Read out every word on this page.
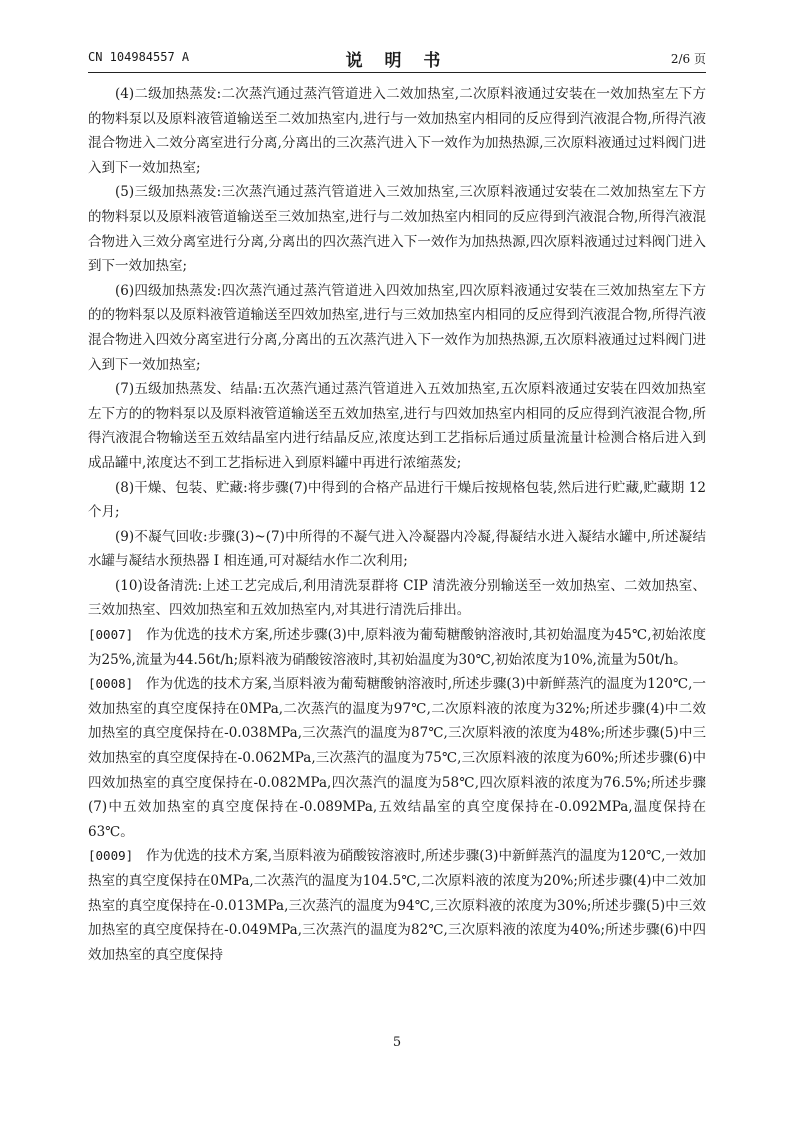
CN 104984557 A	说 明 书	2/6 页

(4)二级加热蒸发:二次蒸汽通过蒸汽管道进入二效加热室,二次原料液通过安装在一效加热室左下方的物料泵以及原料液管道输送至二效加热室内,进行与一效加热室内相同的反应得到汽液混合物,所得汽液混合物进入二效分离室进行分离,分离出的三次蒸汽进入下一效作为加热热源,三次原料液通过过料阀门进入到下一效加热室;

(5)三级加热蒸发:三次蒸汽通过蒸汽管道进入三效加热室,三次原料液通过安装在二效加热室左下方的物料泵以及原料液管道输送至三效加热室,进行与二效加热室内相同的反应得到汽液混合物,所得汽液混合物进入三效分离室进行分离,分离出的四次蒸汽进入下一效作为加热热源,四次原料液通过过料阀门进入到下一效加热室;

(6)四级加热蒸发:四次蒸汽通过蒸汽管道进入四效加热室,四次原料液通过安装在三效加热室左下方的的物料泵以及原料液管道输送至四效加热室,进行与三效加热室内相同的反应得到汽液混合物,所得汽液混合物进入四效分离室进行分离,分离出的五次蒸汽进入下一效作为加热热源,五次原料液通过过料阀门进入到下一效加热室;

(7)五级加热蒸发、结晶:五次蒸汽通过蒸汽管道进入五效加热室,五次原料液通过安装在四效加热室左下方的的物料泵以及原料液管道输送至五效加热室,进行与四效加热室内相同的反应得到汽液混合物,所得汽液混合物输送至五效结晶室内进行结晶反应,浓度达到工艺指标后通过质量流量计检测合格后进入到成品罐中,浓度达不到工艺指标进入到原料罐中再进行浓缩蒸发;

(8)干燥、包装、贮藏:将步骤(7)中得到的合格产品进行干燥后按规格包装,然后进行贮藏,贮藏期 12 个月;

(9)不凝气回收:步骤(3)~(7)中所得的不凝气进入冷凝器内冷凝,得凝结水进入凝结水罐中,所述凝结水罐与凝结水预热器 I 相连通,可对凝结水作二次利用;

(10)设备清洗:上述工艺完成后,利用清洗泵群将 CIP 清洗液分别输送至一效加热室、二效加热室、三效加热室、四效加热室和五效加热室内,对其进行清洗后排出。

[0007] 作为优选的技术方案,所述步骤(3)中,原料液为葡萄糖酸钠溶液时,其初始温度为45℃,初始浓度为25%,流量为44.56t/h;原料液为硝酸铵溶液时,其初始温度为30℃,初始浓度为10%,流量为50t/h。

[0008] 作为优选的技术方案,当原料液为葡萄糖酸钠溶液时,所述步骤(3)中新鲜蒸汽的温度为120℃,一效加热室的真空度保持在0MPa,二次蒸汽的温度为97℃,二次原料液的浓度为32%;所述步骤(4)中二效加热室的真空度保持在-0.038MPa,三次蒸汽的温度为87℃,三次原料液的浓度为48%;所述步骤(5)中三效加热室的真空度保持在-0.062MPa,三次蒸汽的温度为75℃,三次原料液的浓度为60%;所述步骤(6)中四效加热室的真空度保持在-0.082MPa,四次蒸汽的温度为58℃,四次原料液的浓度为76.5%;所述步骤(7)中五效加热室的真空度保持在-0.089MPa,五效结晶室的真空度保持在-0.092MPa,温度保持在63℃。

[0009] 作为优选的技术方案,当原料液为硝酸铵溶液时,所述步骤(3)中新鲜蒸汽的温度为120℃,一效加热室的真空度保持在0MPa,二次蒸汽的温度为104.5℃,二次原料液的浓度为20%;所述步骤(4)中二效加热室的真空度保持在-0.013MPa,三次蒸汽的温度为94℃,三次原料液的浓度为30%;所述步骤(5)中三效加热室的真空度保持在-0.049MPa,三次蒸汽的温度为82℃,三次原料液的浓度为40%;所述步骤(6)中四效加热室的真空度保持

5
